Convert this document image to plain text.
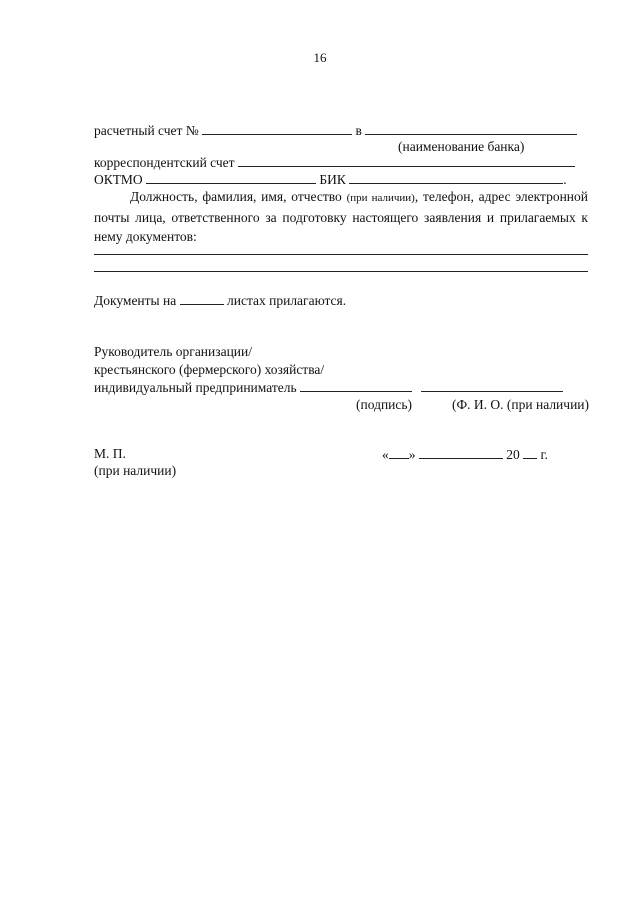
16
расчетный счет №	в
(наименование банка)
корреспондентский счет
ОКТМО	БИК	.
Должность, фамилия, имя, отчество (при наличии), телефон, адрес электронной почты лица, ответственного за подготовку настоящего заявления и прилагаемых к нему документов:
Документы на	листах прилагаются.
Руководитель организации/
крестьянского (фермерского) хозяйства/
индивидуальный предприниматель
(подпись)	(Ф. И. О. (при наличии)
М. П.
(при наличии)
« »	20 г.
